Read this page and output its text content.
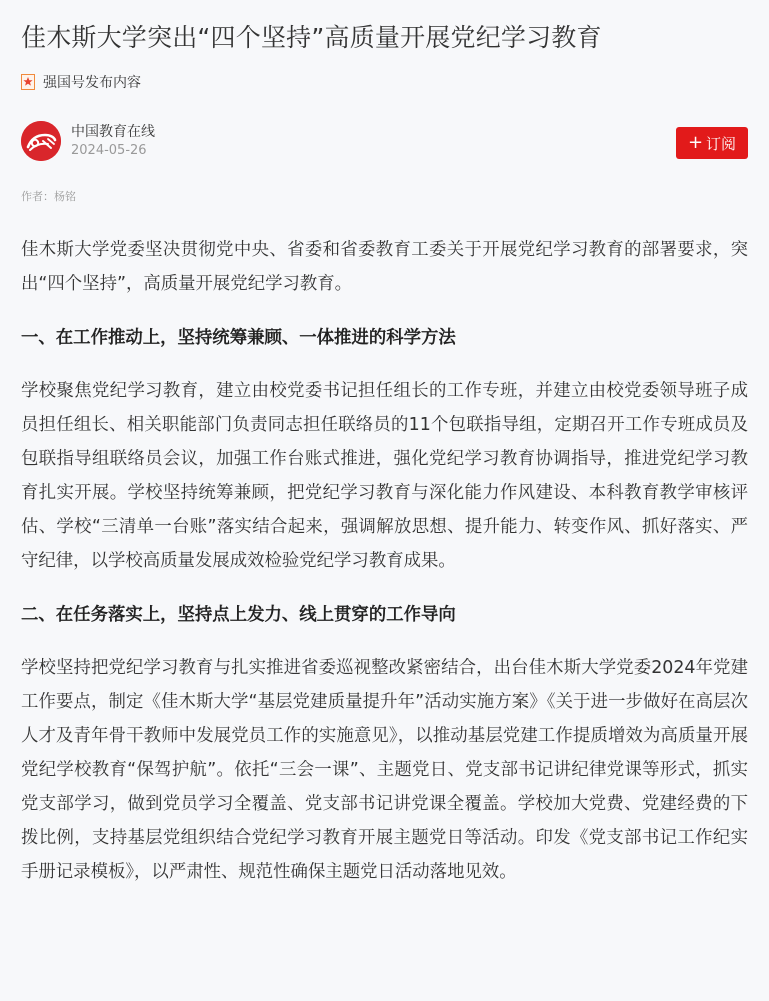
佳木斯大学突出“四个坚持”高质量开展党纪学习教育
强国号发布内容
中国教育在线
2024-05-26	+ 订阅
作者：杨铭

佳木斯大学党委坚决贯彻党中央、省委和省委教育工委关于开展党纪学习教育的部署要求，突出“四个坚持”，高质量开展党纪学习教育。

一、在工作推动上，坚持统筹兼顾、一体推进的科学方法

学校聚焦党纪学习教育，建立由校党委书记担任组长的工作专班，并建立由校党委领导班子成员担任组长、相关职能部门负责同志担任联络员的11个包联指导组，定期召开工作专班成员及包联指导组联络员会议，加强工作台账式推进，强化党纪学习教育协调指导，推进党纪学习教育扎实开展。学校坚持统筹兼顾，把党纪学习教育与深化能力作风建设、本科教育教学审核评估、学校“三清单一台账”落实结合起来，强调解放思想、提升能力、转变作风、抓好落实、严守纪律，以学校高质量发展成效检验党纪学习教育成果。

二、在任务落实上，坚持点上发力、线上贯穿的工作导向

学校坚持把党纪学习教育与扎实推进省委巡视整改紧密结合，出台佳木斯大学党委2024年党建工作要点，制定《佳木斯大学“基层党建质量提升年”活动实施方案》《关于进一步做好在高层次人才及青年骨干教师中发展党员工作的实施意见》，以推动基层党建工作提质增效为高质量开展党纪学校教育“保驾护航”。依托“三会一课”、主题党日、党支部书记讲纪律党课等形式，抓实党支部学习，做到党员学习全覆盖、党支部书记讲党课全覆盖。学校加大党费、党建经费的下拨比例，支持基层党组织结合党纪学习教育开展主题党日等活动。印发《党支部书记工作纪实手册记录模板》，以严肃性、规范性确保主题党日活动落地见效。
